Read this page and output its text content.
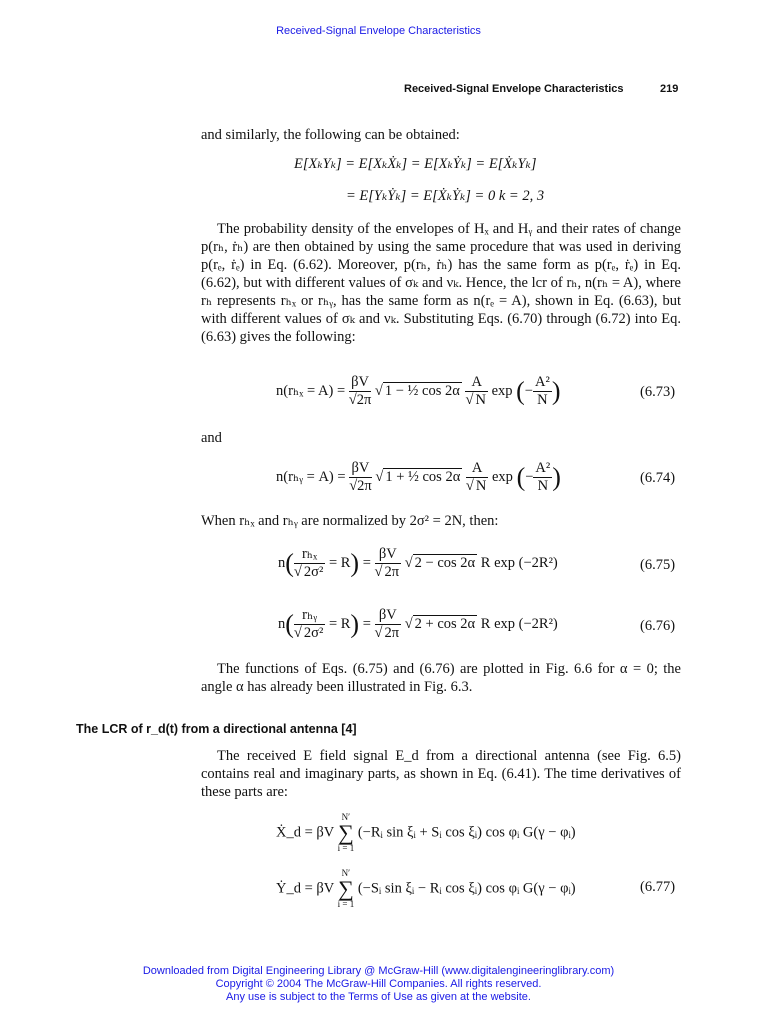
Received-Signal Envelope Characteristics
Received-Signal Envelope Characteristics	219
and similarly, the following can be obtained:
E[XₖYₖ] = E[XₖẊₖ] = E[XₖẎₖ] = E[ẊₖYₖ]
= E[YₖẎₖ] = E[ẊₖẎₖ] = 0 k = 2, 3
The probability density of the envelopes of Hₓ and Hᵧ and their rates of change p(rₕ, ṙₕ) are then obtained by using the same procedure that was used in deriving p(rₑ, ṙₑ) in Eq. (6.62). Moreover, p(rₕ, ṙₕ) has the same form as p(rₑ, ṙₑ) in Eq. (6.62), but with different values of σₖ and νₖ. Hence, the lcr of rₕ, n(rₕ = A), where rₕ represents rₕₓ or rₕᵧ, has the same form as n(rₑ = A), shown in Eq. (6.63), but with different values of σₖ and νₖ. Substituting Eqs. (6.70) through (6.72) into Eq. (6.63) gives the following:
$n(r_{hx} = A) = \frac{\beta V}{√2\pi}$ √ 1 − ½ $\cos 2\alpha \frac{A}{√ N}$ exp (− $\frac{\text{A²}}{N}$ )	(6.73)
and
n(rₕᵧ = $A) = \frac{\beta V}{√2\pi}$ √ 1 + ½ $\cos 2\alpha \frac{A}{√ N}$ exp (− $\frac{\text{A²}}{N}$ )	(6.74)
When rₕₓ and rₕᵧ are normalized by 2σ² = 2N, then:
$n( \frac{\text{rₕₓ}}{\text{√ 2σ²}} = R) = \frac{\beta V}{√ 2\pi}$ √ 2 − cos 2α R exp (−2R²)	(6.75)
$n( \frac{\text{rₕᵧ}}{\text{√ 2σ²}} = R) = \frac{\beta V}{√ 2\pi}$ √ 2 + cos 2α R exp (−2R²)	(6.76)
The functions of Eqs. (6.75) and (6.76) are plotted in Fig. 6.6 for α = 0; the angle α has already been illustrated in Fig. 6.3.
The LCR of r_d(t) from a directional antenna [4]
The received E field signal E_d from a directional antenna (see Fig. 6.5) contains real and imaginary parts, as shown in Eq. (6.41). The time derivatives of these parts are:
Ẋ_d = βV
N′
∑
i = 1
(−Rᵢ sin ξᵢ + Sᵢ cos ξᵢ) cos φᵢ G(γ − φᵢ)
Ẏ_d = βV
N′
∑
i = 1
(−Sᵢ sin ξᵢ − Rᵢ cos ξᵢ) cos φᵢ G(γ − φᵢ)	(6.77)
Downloaded from Digital Engineering Library @ McGraw-Hill (www.digitalengineeringlibrary.com)
Copyright © 2004 The McGraw-Hill Companies. All rights reserved.
Any use is subject to the Terms of Use as given at the website.
